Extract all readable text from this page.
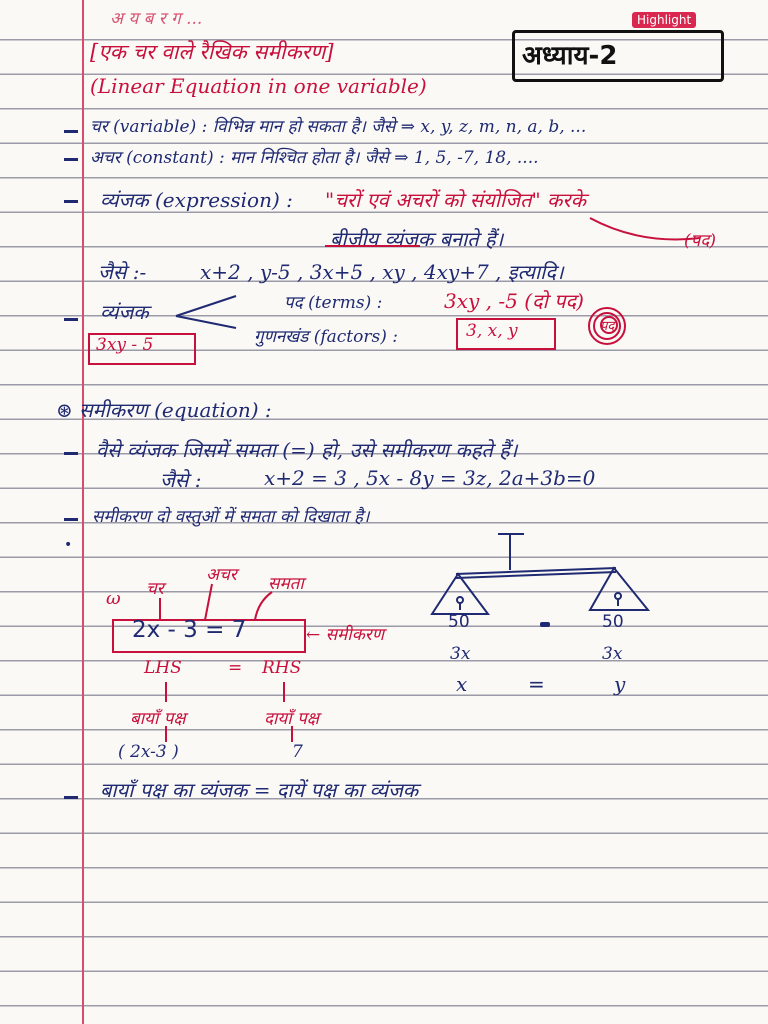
अ य ब र ग ...	Highlight
[एक चर वाले रैखिक समीकरण]
(Linear Equation in one variable)
अध्याय-2
चर (variable) : विभिन्न मान हो सकता है। जैसे ⇒ x, y, z, m, n, a, b, ...
अचर (constant) : मान निश्चित होता है। जैसे ⇒ 1, 5, -7, 18, ....
व्यंजक (expression) : "चरों एवं अचरों को संयोजित" करके
बीजीय व्यंजक बनाते हैं।	(पद)
जैसे :-	x+2 , y-5 , 3x+5 , xy , 4xy+7 , इत्यादि।
व्यंजक
3xy - 5
पद (terms) :	3xy , -5 (दो पद)
गुणनखंड (factors) :	3, x, y	पद
⊛ समीकरण (equation) :
वैसे व्यंजक जिसमें समता (=) हो, उसे समीकरण कहते हैं।
जैसे :	x+2 = 3 , 5x - 8y = 3z, 2a+3b=0
समीकरण दो वस्तुओं में समता को दिखाता है।
•
चर
अचर समता
ω
2x - 3 = 7	← समीकरण
LHS	= RHS
बायाँ पक्ष	दायाँ पक्ष
( 2x-3 )	7
50	50
3x	3x
x	=	y
बायाँ पक्ष का व्यंजक = दायें पक्ष का व्यंजक
